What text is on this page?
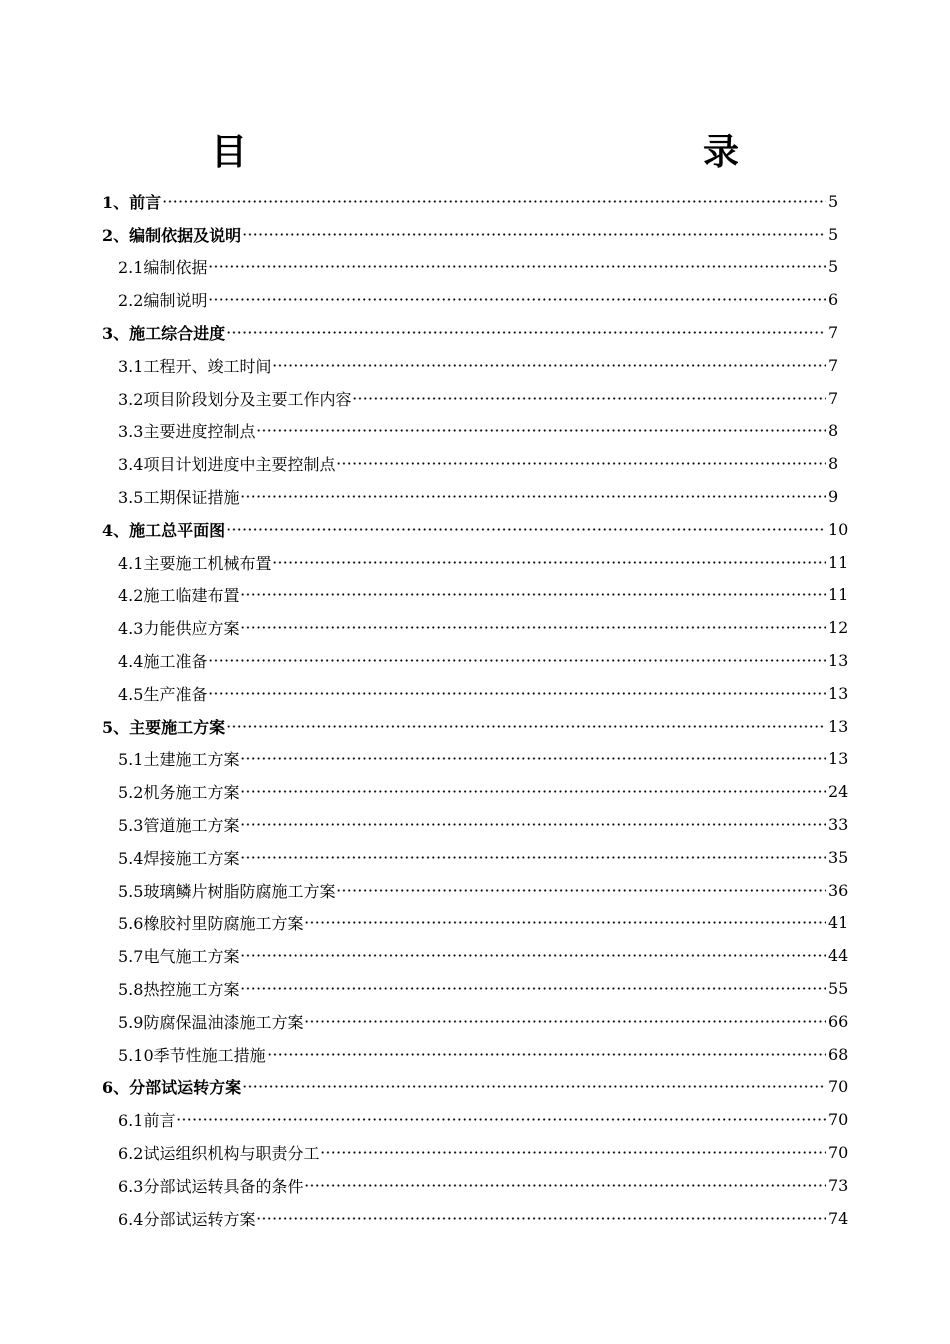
目　　录
1、前言	5
2、编制依据及说明	5
2.1编制依据	5
2.2编制说明	6
3、施工综合进度	7
3.1工程开、竣工时间	7
3.2项目阶段划分及主要工作内容	7
3.3主要进度控制点	8
3.4项目计划进度中主要控制点	8
3.5工期保证措施	9
4、施工总平面图	10
4.1主要施工机械布置	11
4.2施工临建布置	11
4.3力能供应方案	12
4.4施工准备	13
4.5生产准备	13
5、主要施工方案	13
5.1土建施工方案	13
5.2机务施工方案	24
5.3管道施工方案	33
5.4焊接施工方案	35
5.5玻璃鳞片树脂防腐施工方案	36
5.6橡胶衬里防腐施工方案	41
5.7电气施工方案	44
5.8热控施工方案	55
5.9防腐保温油漆施工方案	66
5.10季节性施工措施	68
6、分部试运转方案	70
6.1前言	70
6.2试运组织机构与职责分工	70
6.3分部试运转具备的条件	73
6.4分部试运转方案	74
